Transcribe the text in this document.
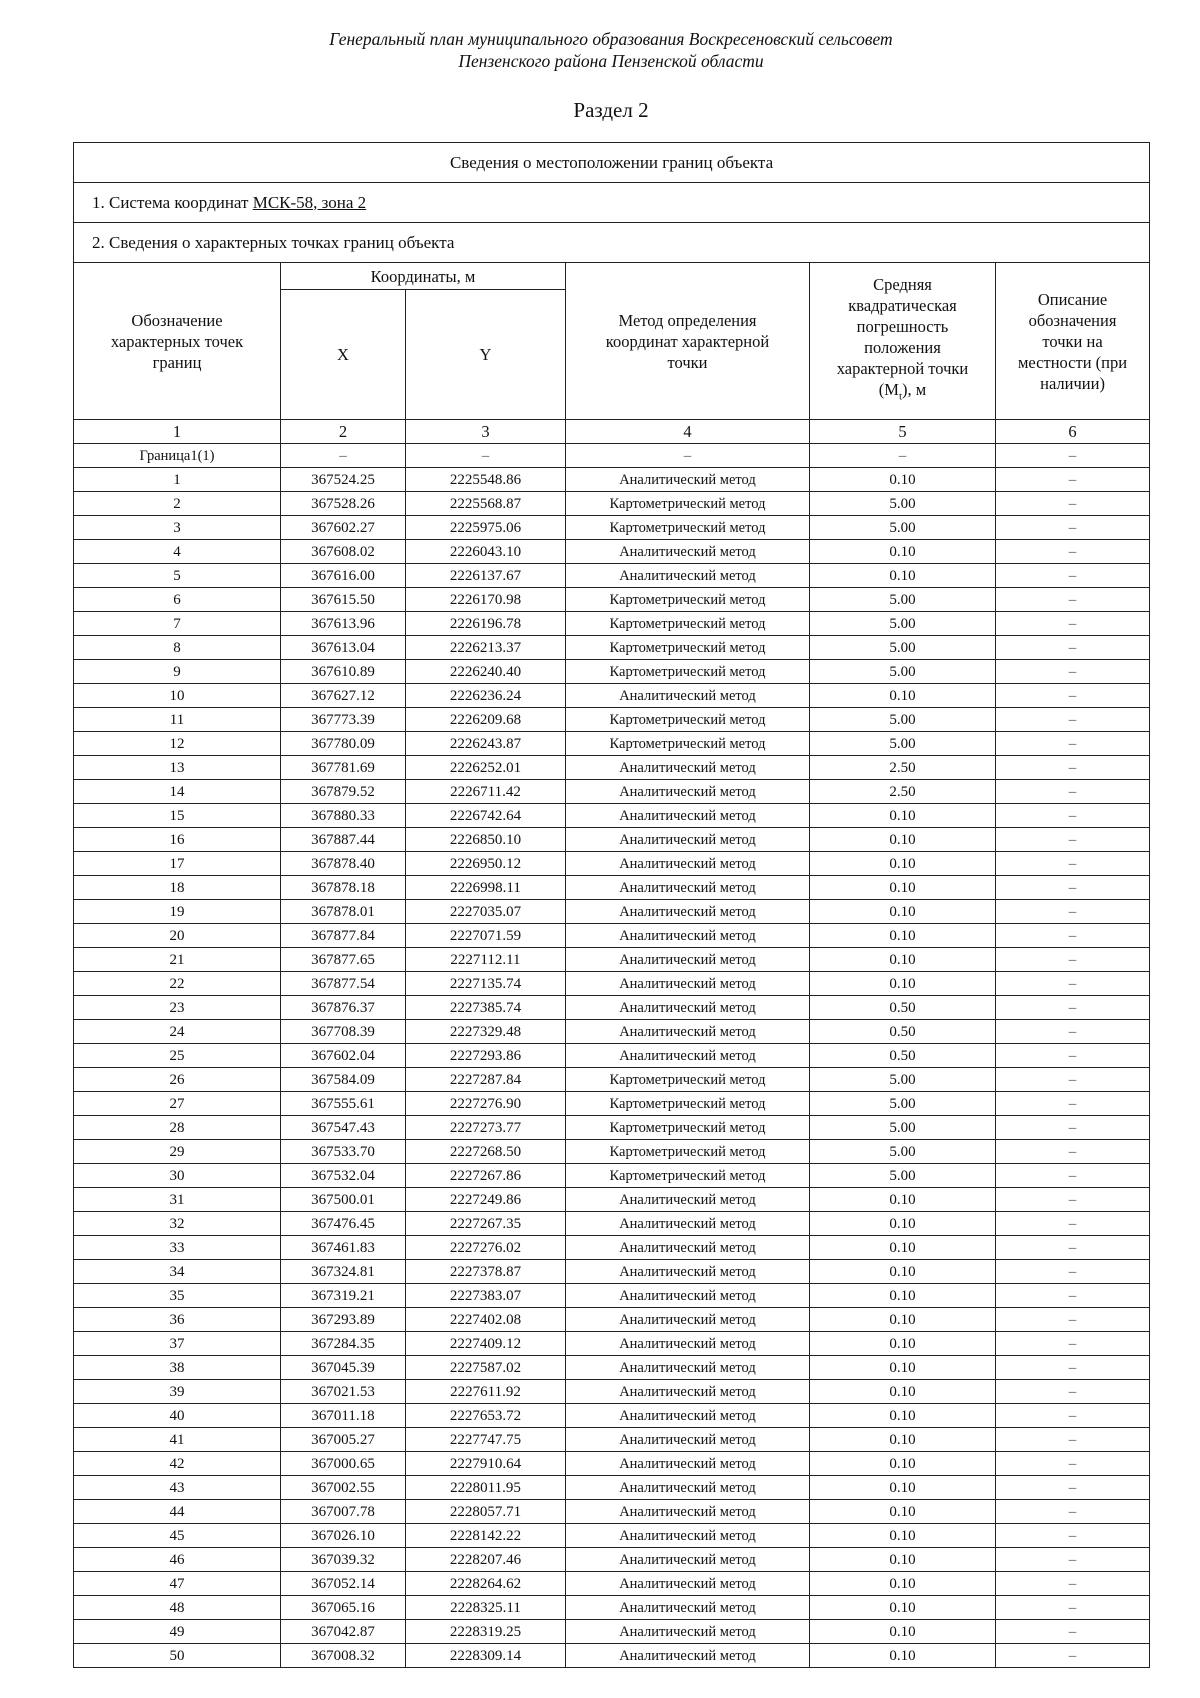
Генеральный план муниципального образования Воскресеновский сельсовет
Пензенского района Пензенской области
Раздел 2
Сведения о местоположении границ объекта					
1. Система координат МСК-58, зона 2					
2. Сведения о характерных точках границ объекта					

Обозначение характерных точек границ	Координаты, м		Метод определения координат характерной точки	Средняя квадратическая погрешность положения характерной точки $(M_t)$, м	Описание обозначения точки на местности (при наличии)

	X	Y			
1	2	3	4	5	6
Граница1(1)	–	–	–	–	–
1	367524.25	2225548.86	Аналитический метод	0.10	–
2	367528.26	2225568.87	Картометрический метод	5.00	–
3	367602.27	2225975.06	Картометрический метод	5.00	–
4	367608.02	2226043.10	Аналитический метод	0.10	–
5	367616.00	2226137.67	Аналитический метод	0.10	–
6	367615.50	2226170.98	Картометрический метод	5.00	–
7	367613.96	2226196.78	Картометрический метод	5.00	–
8	367613.04	2226213.37	Картометрический метод	5.00	–
9	367610.89	2226240.40	Картометрический метод	5.00	–
10	367627.12	2226236.24	Аналитический метод	0.10	–
11	367773.39	2226209.68	Картометрический метод	5.00	–
12	367780.09	2226243.87	Картометрический метод	5.00	–
13	367781.69	2226252.01	Аналитический метод	2.50	–
14	367879.52	2226711.42	Аналитический метод	2.50	–
15	367880.33	2226742.64	Аналитический метод	0.10	–
16	367887.44	2226850.10	Аналитический метод	0.10	–
17	367878.40	2226950.12	Аналитический метод	0.10	–
18	367878.18	2226998.11	Аналитический метод	0.10	–
19	367878.01	2227035.07	Аналитический метод	0.10	–
20	367877.84	2227071.59	Аналитический метод	0.10	–
21	367877.65	2227112.11	Аналитический метод	0.10	–
22	367877.54	2227135.74	Аналитический метод	0.10	–
23	367876.37	2227385.74	Аналитический метод	0.50	–
24	367708.39	2227329.48	Аналитический метод	0.50	–
25	367602.04	2227293.86	Аналитический метод	0.50	–
26	367584.09	2227287.84	Картометрический метод	5.00	–
27	367555.61	2227276.90	Картометрический метод	5.00	–
28	367547.43	2227273.77	Картометрический метод	5.00	–
29	367533.70	2227268.50	Картометрический метод	5.00	–
30	367532.04	2227267.86	Картометрический метод	5.00	–
31	367500.01	2227249.86	Аналитический метод	0.10	–
32	367476.45	2227267.35	Аналитический метод	0.10	–
33	367461.83	2227276.02	Аналитический метод	0.10	–
34	367324.81	2227378.87	Аналитический метод	0.10	–
35	367319.21	2227383.07	Аналитический метод	0.10	–
36	367293.89	2227402.08	Аналитический метод	0.10	–
37	367284.35	2227409.12	Аналитический метод	0.10	–
38	367045.39	2227587.02	Аналитический метод	0.10	–
39	367021.53	2227611.92	Аналитический метод	0.10	–
40	367011.18	2227653.72	Аналитический метод	0.10	–
41	367005.27	2227747.75	Аналитический метод	0.10	–
42	367000.65	2227910.64	Аналитический метод	0.10	–
43	367002.55	2228011.95	Аналитический метод	0.10	–
44	367007.78	2228057.71	Аналитический метод	0.10	–
45	367026.10	2228142.22	Аналитический метод	0.10	–
46	367039.32	2228207.46	Аналитический метод	0.10	–
47	367052.14	2228264.62	Аналитический метод	0.10	–
48	367065.16	2228325.11	Аналитический метод	0.10	–
49	367042.87	2228319.25	Аналитический метод	0.10	–
50	367008.32	2228309.14	Аналитический метод	0.10	–
